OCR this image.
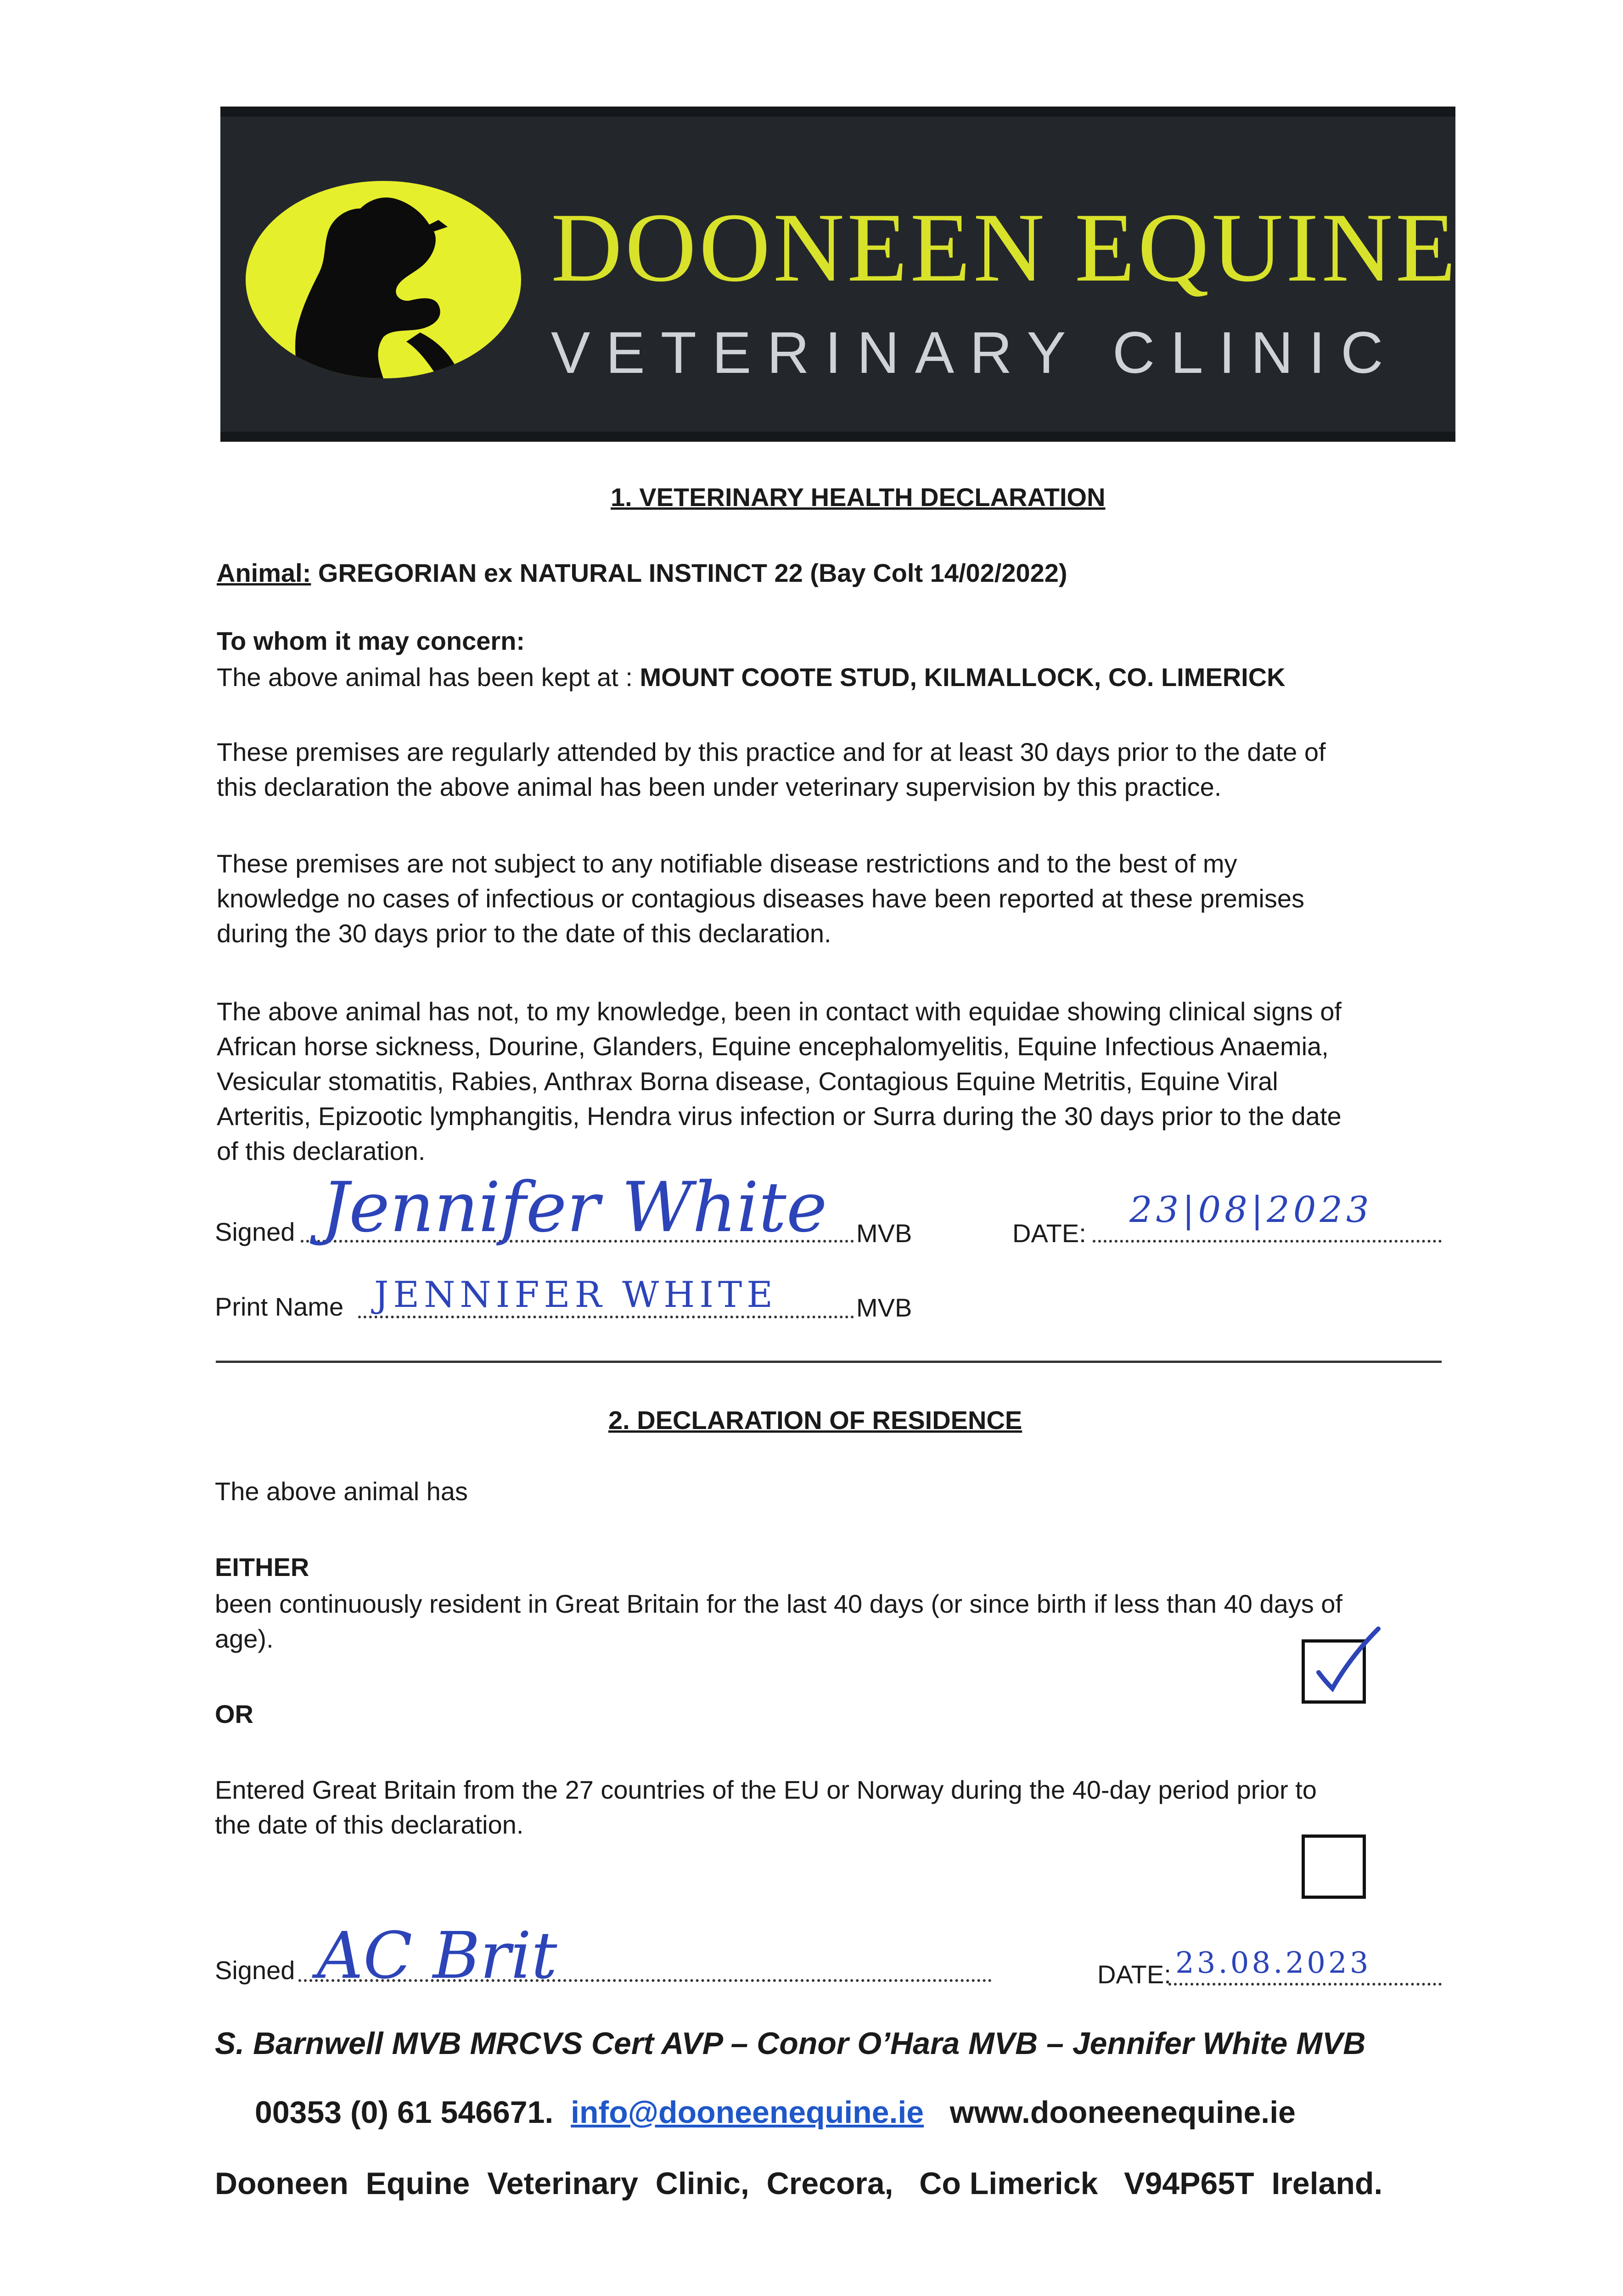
DOONEEN EQUINE
VETERINARY CLINIC
1. VETERINARY HEALTH DECLARATION
Animal: GREGORIAN ex NATURAL INSTINCT 22 (Bay Colt 14/02/2022)
To whom it may concern:
The above animal has been kept at : MOUNT COOTE STUD, KILMALLOCK, CO. LIMERICK
These premises are regularly attended by this practice and for at least 30 days prior to the date of
this declaration the above animal has been under veterinary supervision by this practice.
These premises are not subject to any notifiable disease restrictions and to the best of my
knowledge no cases of infectious or contagious diseases have been reported at these premises
during the 30 days prior to the date of this declaration.
The above animal has not, to my knowledge, been in contact with equidae showing clinical signs of
African horse sickness, Dourine, Glanders, Equine encephalomyelitis, Equine Infectious Anaemia,
Vesicular stomatitis, Rabies, Anthrax Borna disease, Contagious Equine Metritis, Equine Viral
Arteritis, Epizootic lymphangitis, Hendra virus infection or Surra during the 30 days prior to the date
of this declaration.
Signed Jennifer White MVB	DATE:
23|08|2023
Print Name JENNIFER WHITE	MVB
2. DECLARATION OF RESIDENCE
The above animal has
EITHER
been continuously resident in Great Britain for the last 40 days (or since birth if less than 40 days of
age).
OR
Entered Great Britain from the 27 countries of the EU or Norway during the 40-day period prior to
the date of this declaration.
Signed AC Brit	DATE: 23.08.2023
S. Barnwell MVB MRCVS Cert AVP – Conor O’Hara MVB – Jennifer White MVB
00353 (0) 61 546671. info@dooneenequine.ie www.dooneenequine.ie
Dooneen  Equine  Veterinary  Clinic,  Crecora,   Co Limerick   V94P65T  Ireland.
